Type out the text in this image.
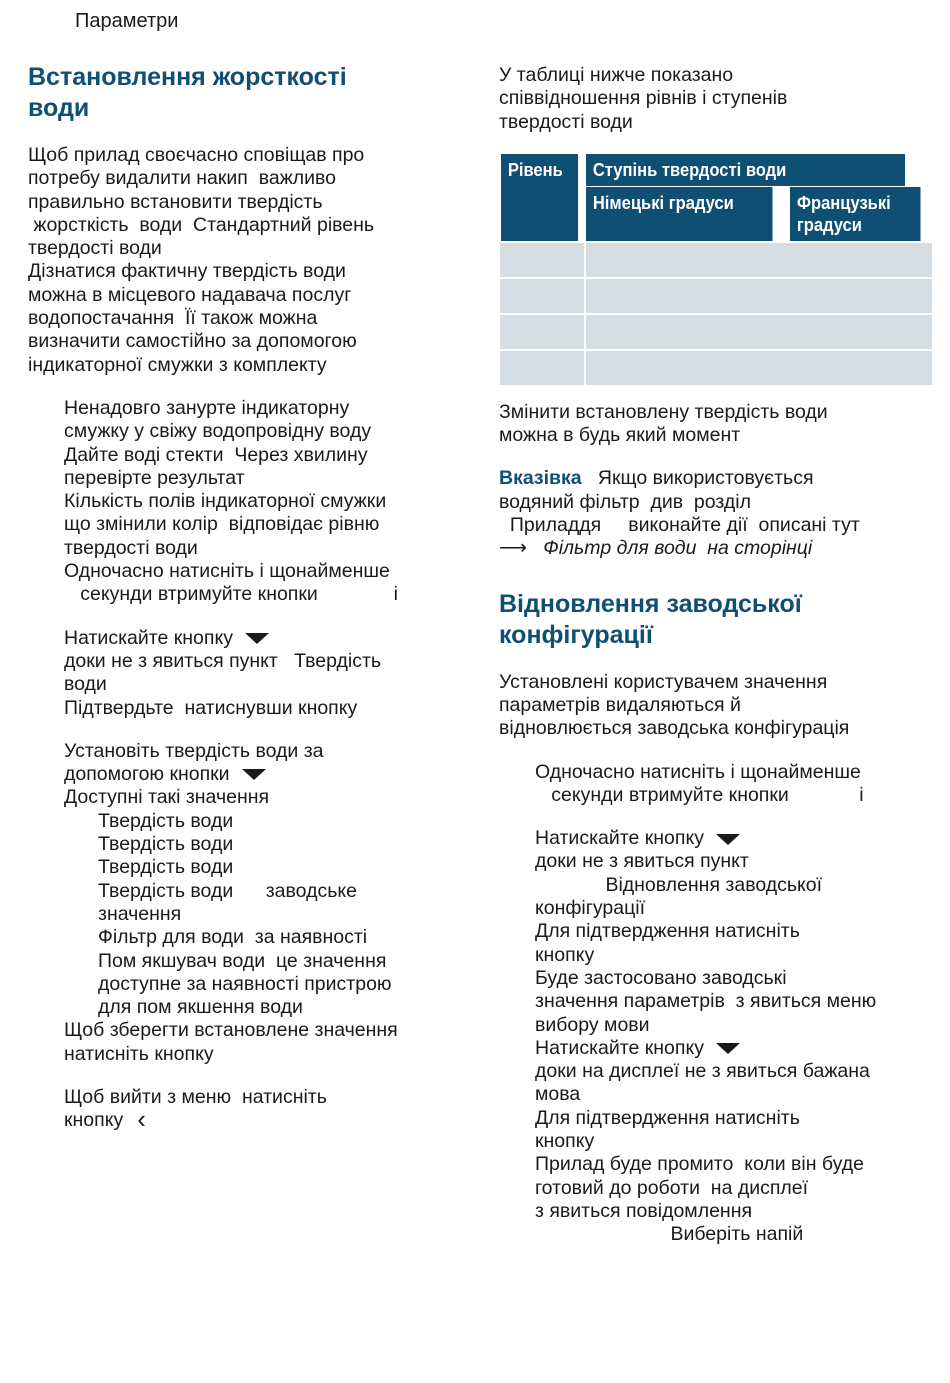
Параметри
Встановлення жорсткості
води
Щоб прилад своєчасно сповіщав про
потребу видалити накип  важливо
правильно встановити твердість
жорсткість  води  Стандартний рівень
твердості води
Дізнатися фактичну твердість води
можна в місцевого надавача послуг
водопостачання  Її також можна
визначити самостійно за допомогою
індикаторної смужки з комплекту
Ненадовго занурте індикаторну
смужку у свіжу водопровідну воду
Дайте воді стекти  Через хвилину
перевірте результат
Кількість полів індикаторної смужки
що змінили колір  відповідає рівню
твердості води
Одночасно натисніть і щонайменше
секунди втримуйте кнопки              і
Натискайте кнопку
доки не з явиться пункт   Твердість
води
Підтвердьте  натиснувши кнопку
Установіть твердість води за
допомогою кнопки
Доступні такі значення
Твердість води
Твердість води
Твердість води
Твердість води      заводське
значення
Фільтр для води  за наявності
Пом якшувач води  це значення
доступне за наявності пристрою
для пом якшення води
Щоб зберегти встановлене значення
натисніть кнопку
Щоб вийти з меню  натисніть
кнопку ‹
У таблиці нижче показано
співвідношення рівнів і ступенів
твердості води
Рівень	Ступінь твердості води	
	Німецькі градуси	Французькі
градуси

Змінити встановлену твердість води
можна в будь який момент
Вказівка   Якщо використовується
водяний фільтр  див  розділ
Приладдя     виконайте дії  описані тут
⟶   Фільтр для води  на сторінці
Відновлення заводської
конфігурації
Установлені користувачем значення
параметрів видаляються й
відновлюється заводська конфігурація
Одночасно натисніть і щонайменше
секунди втримуйте кнопки             і
Натискайте кнопку
доки не з явиться пункт
Відновлення заводської
конфігурації
Для підтвердження натисніть
кнопку
Буде застосовано заводські
значення параметрів  з явиться меню
вибору мови
Натискайте кнопку
доки на дисплеї не з явиться бажана
мова
Для підтвердження натисніть
кнопку
Прилад буде промито  коли він буде
готовий до роботи  на дисплеї
з явиться повідомлення
Виберіть напій
